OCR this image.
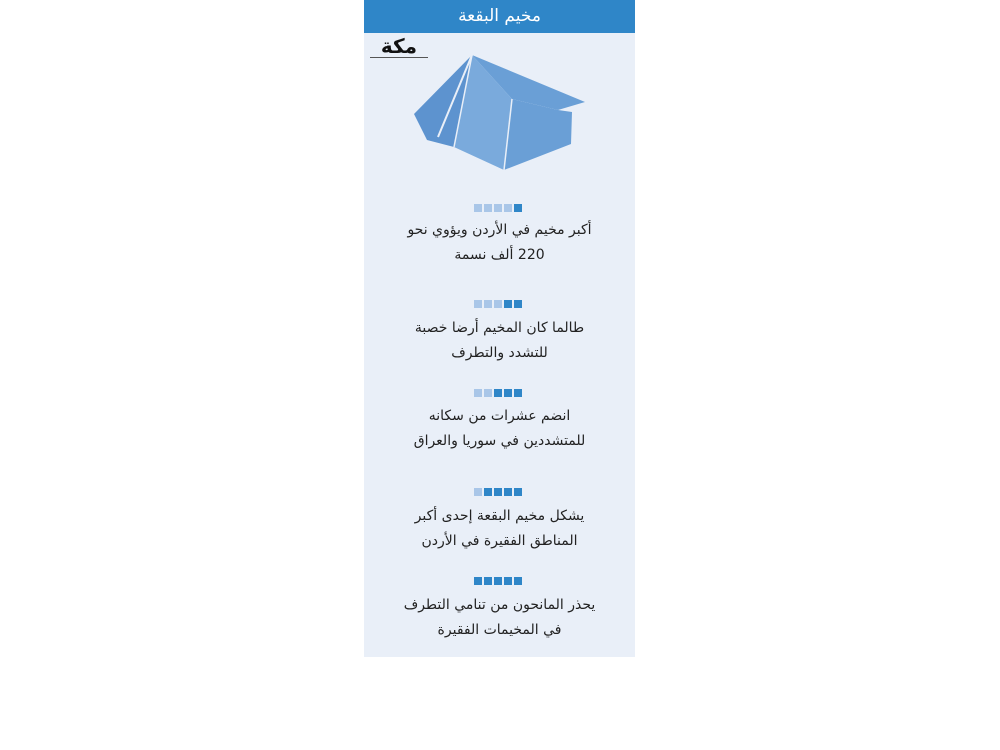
مخيم البقعة
مكة
أكبر مخيم في الأردن ويؤوي نحو
220 ألف نسمة
طالما كان المخيم أرضا خصبة
للتشدد والتطرف
انضم عشرات من سكانه
للمتشددين في سوريا والعراق
يشكل مخيم البقعة إحدى أكبر
المناطق الفقيرة في الأردن
يحذر المانحون من تنامي التطرف
في المخيمات الفقيرة
